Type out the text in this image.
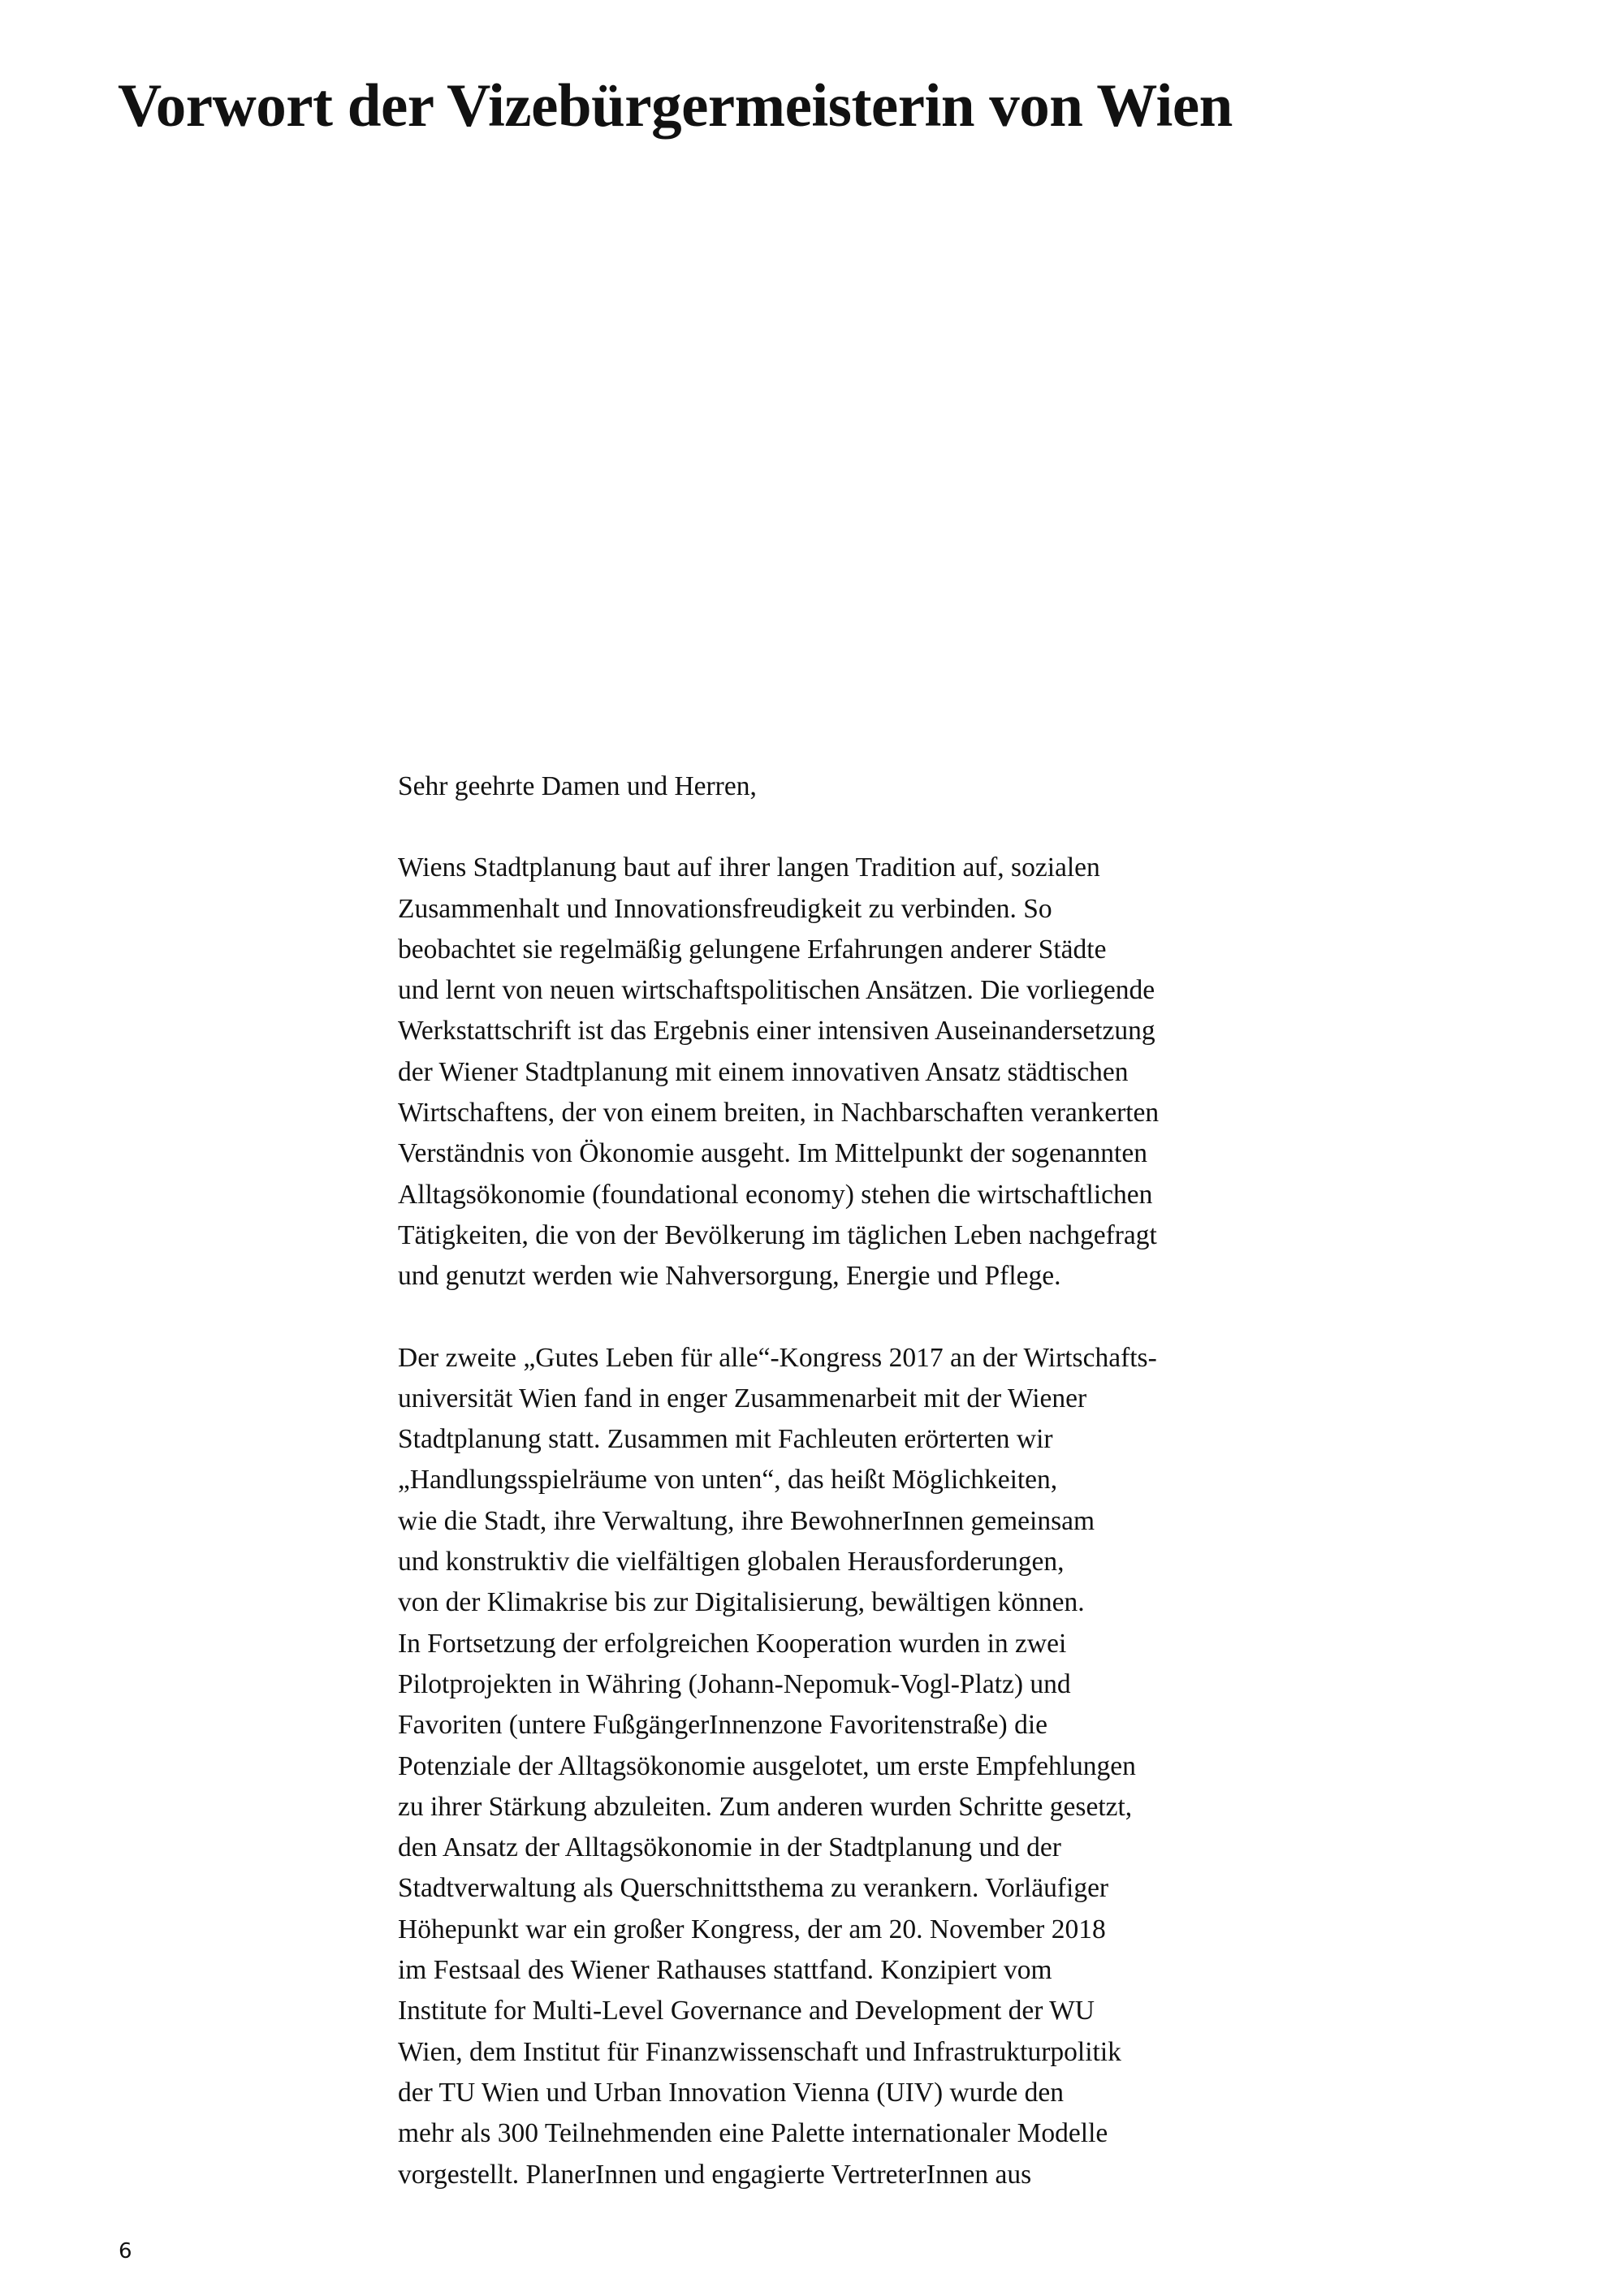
Vorwort der Vizebürgermeisterin von Wien
Sehr geehrte Damen und Herren,
Wiens Stadtplanung baut auf ihrer langen Tradition auf, sozialen
Zusammenhalt und Innovationsfreudigkeit zu verbinden. So
beobachtet sie regelmäßig gelungene Erfahrungen anderer Städte
und lernt von neuen wirtschaftspolitischen Ansätzen. Die vorliegende
Werkstattschrift ist das Ergebnis einer intensiven Auseinandersetzung
der Wiener Stadtplanung mit einem innovativen Ansatz städtischen
Wirtschaftens, der von einem breiten, in Nachbarschaften verankerten
Verständnis von Ökonomie ausgeht. Im Mittelpunkt der sogenannten
Alltagsökonomie (foundational economy) stehen die wirtschaftlichen
Tätigkeiten, die von der Bevölkerung im täglichen Leben nachgefragt
und genutzt werden wie Nahversorgung, Energie und Pflege.
Der zweite „Gutes Leben für alle“-Kongress 2017 an der Wirtschafts-
universität Wien fand in enger Zusammenarbeit mit der Wiener
Stadtplanung statt. Zusammen mit Fachleuten erörterten wir
„Handlungsspielräume von unten“, das heißt Möglichkeiten,
wie die Stadt, ihre Verwaltung, ihre BewohnerInnen gemeinsam
und konstruktiv die vielfältigen globalen Herausforderungen,
von der Klimakrise bis zur Digitalisierung, bewältigen können.
In Fortsetzung der erfolgreichen Kooperation wurden in zwei
Pilotprojekten in Währing (Johann-Nepomuk-Vogl-Platz) und
Favoriten (untere FußgängerInnenzone Favoritenstraße) die
Potenziale der Alltagsökonomie ausgelotet, um erste Empfehlungen
zu ihrer Stärkung abzuleiten. Zum anderen wurden Schritte gesetzt,
den Ansatz der Alltagsökonomie in der Stadtplanung und der
Stadtverwaltung als Querschnittsthema zu verankern. Vorläufiger
Höhepunkt war ein großer Kongress, der am 20. November 2018
im Festsaal des Wiener Rathauses stattfand. Konzipiert vom
Institute for Multi-Level Governance and Development der WU
Wien, dem Institut für Finanzwissenschaft und Infrastrukturpolitik
der TU Wien und Urban Innovation Vienna (UIV) wurde den
mehr als 300 Teilnehmenden eine Palette internationaler Modelle
vorgestellt. PlanerInnen und engagierte VertreterInnen aus
6
